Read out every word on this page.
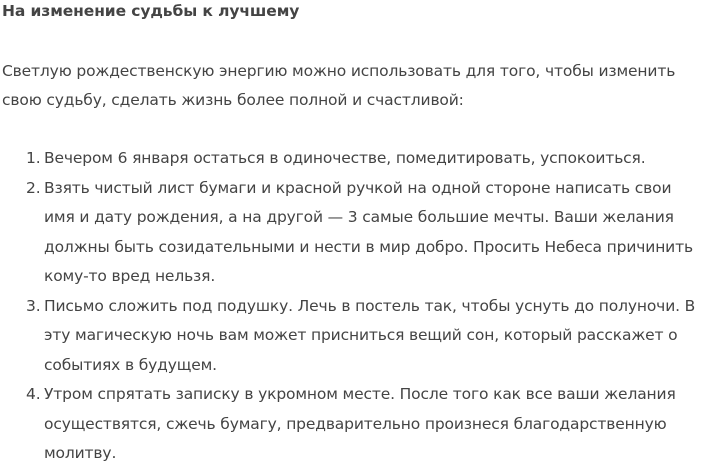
На изменение судьбы к лучшему

Светлую рождественскую энергию можно использовать для того, чтобы изменить свою судьбу, сделать жизнь более полной и счастливой:

1. Вечером 6 января остаться в одиночестве, помедитировать, успокоиться.
2. Взять чистый лист бумаги и красной ручкой на одной стороне написать свои имя и дату рождения, а на другой — 3 самые большие мечты. Ваши желания должны быть созидательными и нести в мир добро. Просить Небеса причинить кому-то вред нельзя.
3. Письмо сложить под подушку. Лечь в постель так, чтобы уснуть до полуночи. В эту магическую ночь вам может присниться вещий сон, который расскажет о событиях в будущем.
4. Утром спрятать записку в укромном месте. После того как все ваши желания осуществятся, сжечь бумагу, предварительно произнеся благодарственную молитву.
